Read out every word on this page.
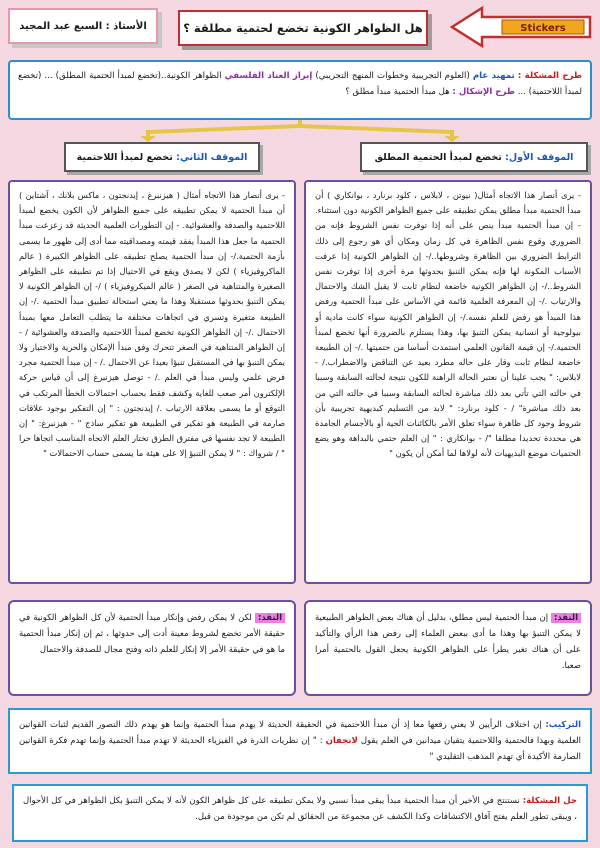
الأستاذ : السبع عبد المجيد	هل الظواهر الكونية تخضع لحتمية مطلقة ؟	Stickers
طرح المشكلة : تمهيد عام (العلوم التجريبية وخطوات المنهج التجريبي) إبراز العناد الفلسفي الظواهر الكونية..(تخضع لمبدأ الحتمية المطلق) ... (تخضع لمبدأ اللاحتمية) ... طرح الإشكال : هل مبدأ الحتمية مبدأ مطلق ؟
الموقف الأول:

تخضع لمبدأ الحتمية المطلق
الموقف الثاني:

تخضع لمبدأ اللاحتمية
- يرى أنصار هذا الاتجاه أمثال( نيوتن ، لابلاس ، كلود برنارد ، بوانكاري ) أن مبدأ الحتمية مبدأ مطلق يمكن تطبيقه على جميع الظواهر الكونية دون استثناء. - إن مبدأ الحتمية مبدأ ينص على أنه إذا توفرت نفس الشروط فإنه من الضروري وقوع نفس الظاهرة في كل زمان ومكان أي هو رجوع إلى ذلك الترابط الضروري بين الظاهرة وشروطها../- إن الظواهر الكونية إذا عرفت الأسباب المكونة لها فإنه يمكن التنبؤ بحدوثها مرة أخرى إذا توفرت نفس الشروط../- إن الظواهر الكونية خاضعة لنظام ثابت لا يقبل الشك والاحتمال والارتياب ./- إن المعرفة العلمية قائمة في الأساس على مبدأ الحتمية ورفض هذا المبدأ هو رفض للعلم نفسه./- إن الظواهر الكونية سواء كانت مادية أو بيولوجية أو انسانية يمكن التنبؤ بها، وهذا يستلزم بالضرورة أنها تخضع لمبدأ الحتمية./- إن قيمة القانون العلمي استمدت أساسا من حتميتها ./- إن الطبيعة خاضعة لنظام ثابت وقار على حاله مطرد بعيد عن التناقض والاضطراب./ - لابلاس: " يجب علينا أن نعتبر الحالة الراهنة للكون نتيجة لحالته السابقة وسببا في حالته التي تأتي بعد ذلك مباشرة لحالته السابقة وسببا في حالته التي من بعد ذلك مباشرة" / - كلود برنارد: " لابد من التسليم كبديهية تجريبية بأن شروط وجود كل ظاهرة سواء تعلق الأمر بالكائنات الحية أو بالأجسام الجامدة هي محددة تحديدا مطلقا "/ - بوانكاري : " إن العلم حتمي بالبداهة وهو يضع الحتميات موضع البديهيات لأنه لولاها لما أمكن أن يكون "
- يرى أنصار هذا الاتجاه أمثال ( هيزنبرغ ، إيدنجتون ، ماكس بلانك ، آشتاين ) أن مبدأ الحتمية لا يمكن تطبيقه على جميع الظواهر لأن الكون يخضع لمبدأ اللاحتمية والصدفة والعشوائية. - إن التطورات العلمية الحديثة قد زعزعت مبدأ الحتمية ما جعل هذا المبدأ يفقد قيمته ومصداقيته مما أدى إلى ظهور ما يسمى بأزمة الحتمية./- إن مبدأ الحتمية يصلح تطبيقه على الظواهر الكبيرة ( عالم الماكروفيزياء ) لكن لا يصدق ويقع في الاحتيال إذا تم تطبيقه على الظواهر الصغيرة والمتناهية في الصغر ( عالم الميكروفيزياء ) /- إن الظواهر الكونية لا يمكن التنبؤ بحدوثها مستقبلا وهذا ما يعني استحالة تطبيق مبدأ الحتمية ./- إن الطبيعة متغيرة وتسري في اتجاهات مختلفة ما يتطلب التعامل معها بمبدأ الاحتمال ./- إن الظواهر الكونية تخضع لمبدأ اللاحتمية والصدفة والعشوائية / - إن الظواهر المتناهية في الصغر تتحرك وفق مبدأ الإمكان والحرية والاختيار ولا يمكن التنبؤ بها في المستقبل تنبؤا بعيدا عن الاحتمال ./ - إن مبدأ الحتمية مجرد فرض علمي وليس مبدأ في العلم ./ - توصل هيزنبرغ إلى أن قياس حركة الإلكترون أمر صعب للغاية وكشف فقط بحساب احتمالات الخطأ المرتكب في التوقع أو ما يسمى بعلاقة الارتياب ./ إيدنجتون : " إن التفكير بوجود علاقات صارمة في الطبيعة هو تفكير في الطبيعة هو تفكير ساذج " - هيزنبرغ: " إن الطبيعة لا تجد نفسها في مفترق الطرق تختار العلم الاتجاه المناسب اتجاها حرا " / شرواك : " لا يمكن التنبؤ إلا على هيئة ما يسمى حساب الاحتمالات "
النقد: إن مبدأ الحتمية ليس مطلق، بدليل أن هناك بعض الظواهر الطبيعية لا يمكن التنبؤ بها وهذا ما أدى ببعض العلماء إلى رفض هذا الرأي والتأكيد على أن هناك تغير يطرأ على الظواهر الكونية يجعل القول بالحتمية أمرا صعبا.
النقد: لكن لا يمكن رفض وإنكار مبدأ الحتمية لأن كل الظواهر الكونية في حقيقة الأمر تخضع لشروط معينة أدت إلى حدوثها ، ثم إن إنكار مبدأ الحتمية ما هو في حقيقة الأمر إلا إنكار للعلم ذاته وفتح مجال للصدفة والاحتمال
التركيب: إن اختلاف الرأيين لا يعني رفعها معا إذ أن مبدأ اللاحتمية في الحقيقة الحديثة لا يهدم مبدأ الحتمية وإنما هو يهدم ذلك التصور القديم لثبات القوانين العلمية وبهذا فالحتمية واللاحتمية يتقيان ميدانين في العلم يقول لانجفان : " إن نظريات الذرة في الفيزياء الحديثة لا تهدم مبدأ الحتمية وإنما تهدم فكرة القوانين الصارمة الأكيدة أي تهدم المذهب التقليدي "
حل المشكلة: نستنتج في الأخير أن مبدأ الحتمية مبدأ يبقى مبدأ نسبي ولا يمكن تطبيقه على كل ظواهر الكون لأنه لا يمكن التنبؤ بكل الظواهر في كل الأحوال ، ويبقى تطور العلم يفتح آفاق الاكتشافات وكذا الكشف عن مجموعة من الحقائق لم تكن من موجودة من قبل.
